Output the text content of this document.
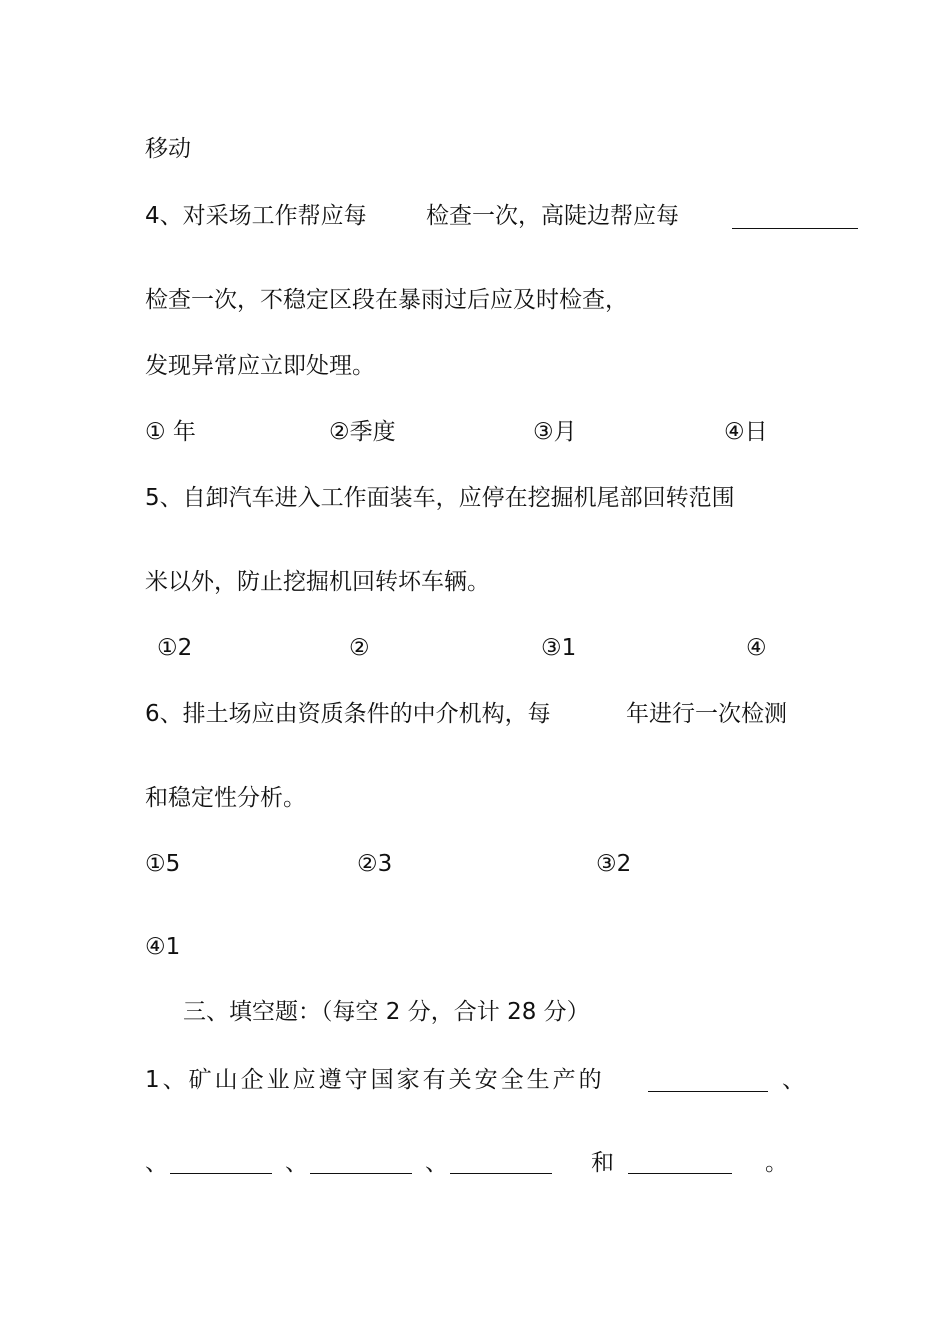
移动
4、对采场工作帮应每	检查一次，高陡边帮应每
检查一次，不稳定区段在暴雨过后应及时检查，
发现异常应立即处理。
① 年	②季度	③月	④日
5、自卸汽车进入工作面装车，应停在挖掘机尾部回转范围
米以外，防止挖掘机回转坏车辆。
①2	②	③1	④
6、排土场应由资质条件的中介机构，每	年进行一次检测
和稳定性分析。
①5	②3	③2
④1
三、填空题：（每空 2 分，合计 28 分）
1、矿山企业应遵守国家有关安全生产的	、
、	、	、	和	。
